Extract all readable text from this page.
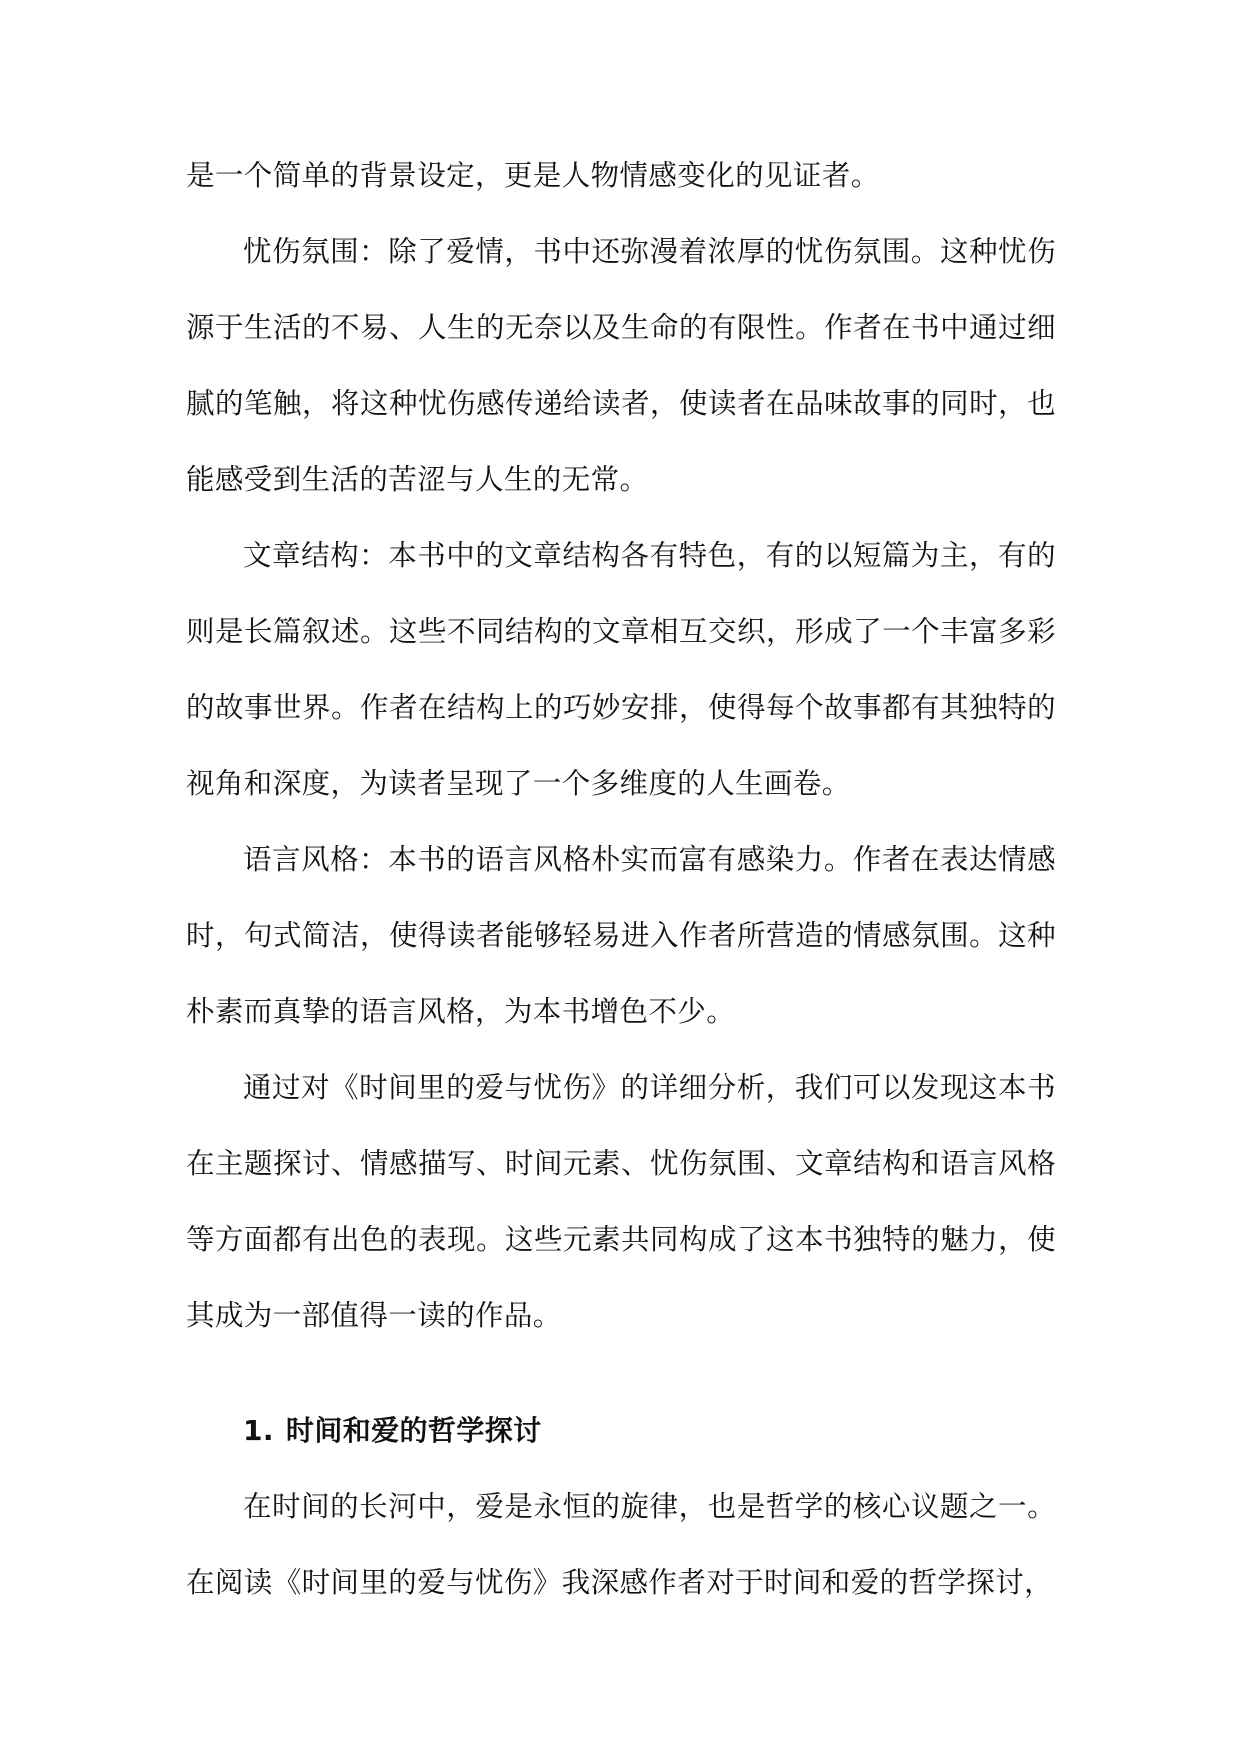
是一个简单的背景设定，更是人物情感变化的见证者。

忧伤氛围：除了爱情，书中还弥漫着浓厚的忧伤氛围。这种忧伤源于生活的不易、人生的无奈以及生命的有限性。作者在书中通过细腻的笔触，将这种忧伤感传递给读者，使读者在品味故事的同时，也能感受到生活的苦涩与人生的无常。

文章结构：本书中的文章结构各有特色，有的以短篇为主，有的则是长篇叙述。这些不同结构的文章相互交织，形成了一个丰富多彩的故事世界。作者在结构上的巧妙安排，使得每个故事都有其独特的视角和深度，为读者呈现了一个多维度的人生画卷。

语言风格：本书的语言风格朴实而富有感染力。作者在表达情感时，句式简洁，使得读者能够轻易进入作者所营造的情感氛围。这种朴素而真挚的语言风格，为本书增色不少。

通过对《时间里的爱与忧伤》的详细分析，我们可以发现这本书在主题探讨、情感描写、时间元素、忧伤氛围、文章结构和语言风格等方面都有出色的表现。这些元素共同构成了这本书独特的魅力，使其成为一部值得一读的作品。

1. 时间和爱的哲学探讨

在时间的长河中，爱是永恒的旋律，也是哲学的核心议题之一。在阅读《时间里的爱与忧伤》我深感作者对于时间和爱的哲学探讨，
